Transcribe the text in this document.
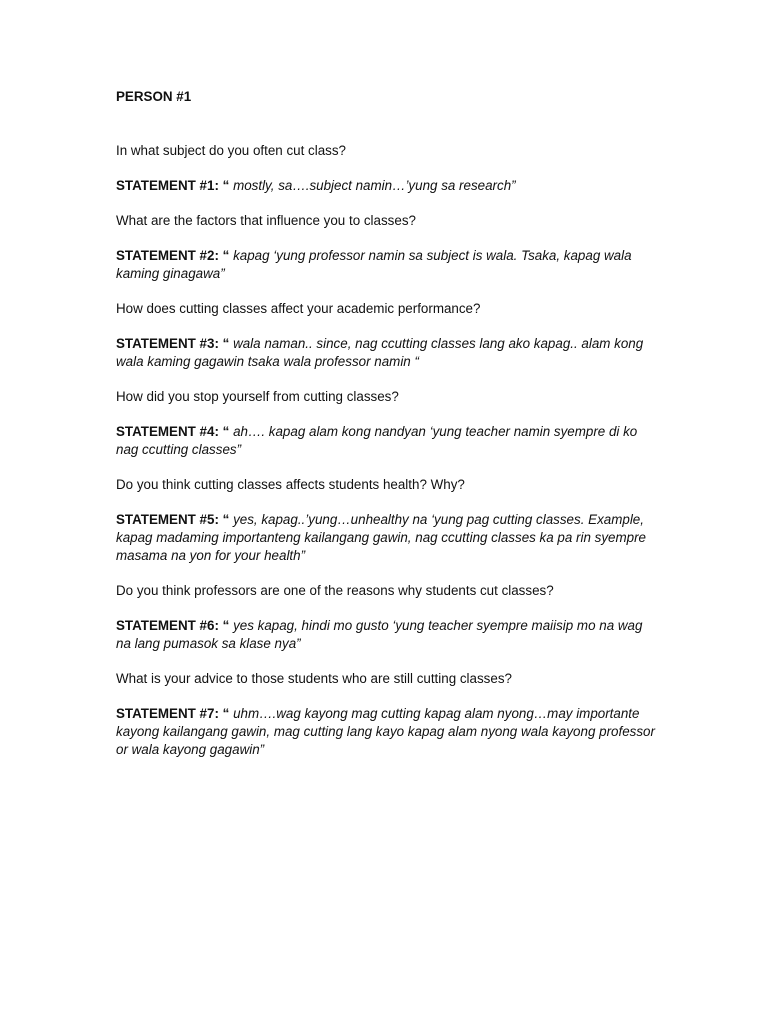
PERSON #1
In what subject do you often cut class?
STATEMENT #1: “ mostly, sa….subject namin…’yung sa research”
What are the factors that influence you to classes?
STATEMENT #2: “ kapag ‘yung professor namin sa subject is wala. Tsaka, kapag wala kaming ginagawa”
How does cutting classes affect your academic performance?
STATEMENT #3: “ wala naman.. since, nag ccutting classes lang ako kapag.. alam kong wala kaming gagawin tsaka wala professor namin “
How did you stop yourself from cutting classes?
STATEMENT #4: “ ah…. kapag alam kong nandyan ‘yung teacher namin syempre di ko nag ccutting classes”
Do you think cutting classes affects students health? Why?
STATEMENT #5: “ yes, kapag..’yung…unhealthy na ‘yung pag cutting classes. Example, kapag madaming importanteng kailangang gawin, nag ccutting classes ka pa rin syempre masama na yon for your health”
Do you think professors are one of the reasons why students cut classes?
STATEMENT #6: “ yes kapag, hindi mo gusto ‘yung teacher syempre maiisip mo na wag na lang pumasok sa klase nya”
What is your advice to those students who are still cutting classes?
STATEMENT #7: “ uhm….wag kayong mag cutting kapag alam nyong…may importante kayong kailangang gawin, mag cutting lang kayo kapag alam nyong wala kayong professor or wala kayong gagawin”
